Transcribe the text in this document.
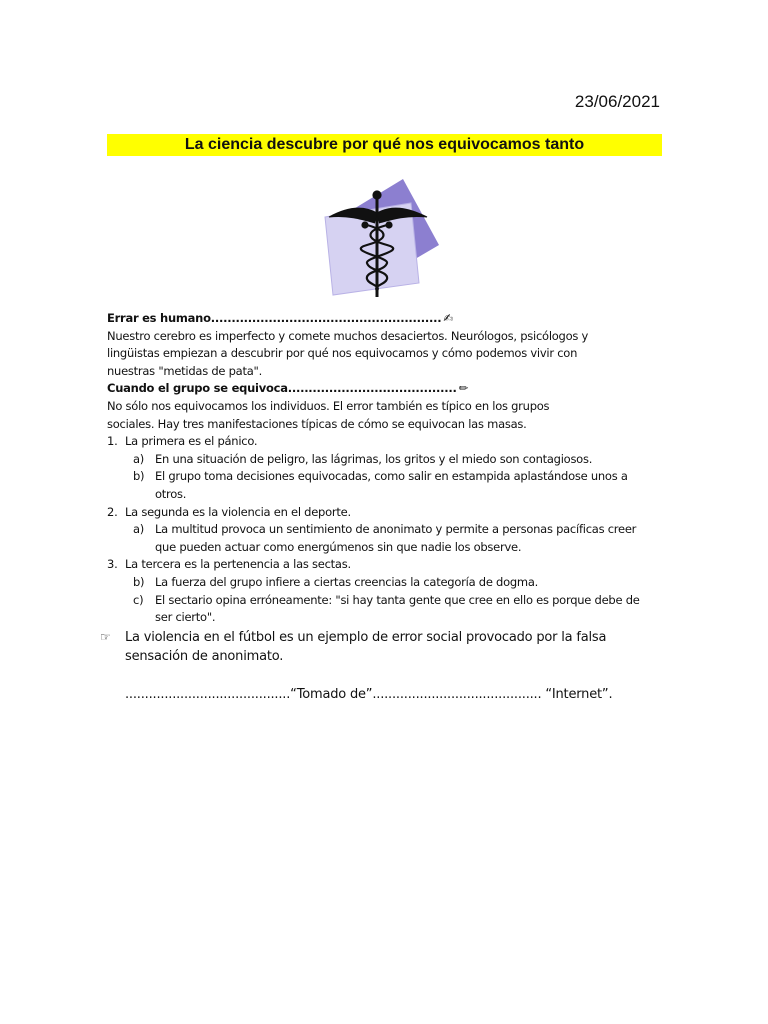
23/06/2021
La ciencia descubre por qué nos equivocamos tanto
Errar es humano........................................................ ✍
Nuestro cerebro es imperfecto y comete muchos desaciertos. Neurólogos, psicólogos y
lingüistas empiezan a descubrir por qué nos equivocamos y cómo podemos vivir con
nuestras "metidas de pata".
Cuando el grupo se equivoca......................................... ✏
No sólo nos equivocamos los individuos. El error también es típico en los grupos
sociales. Hay tres manifestaciones típicas de cómo se equivocan las masas.
1. La primera es el pánico.
a) En una situación de peligro, las lágrimas, los gritos y el miedo son contagiosos.
b) El grupo toma decisiones equivocadas, como salir en estampida aplastándose unos a
otros.
2. La segunda es la violencia en el deporte.
a) La multitud provoca un sentimiento de anonimato y permite a personas pacíficas creer
que pueden actuar como energúmenos sin que nadie los observe.
3. La tercera es la pertenencia a las sectas.
b) La fuerza del grupo infiere a ciertas creencias la categoría de dogma.
c) El sectario opina erróneamente: "si hay tanta gente que cree en ello es porque debe de
ser cierto".
☞	La violencia en el fútbol es un ejemplo de error social provocado por la falsa sensación de anonimato.
..........................................“Tomado de”........................................... “Internet”.
